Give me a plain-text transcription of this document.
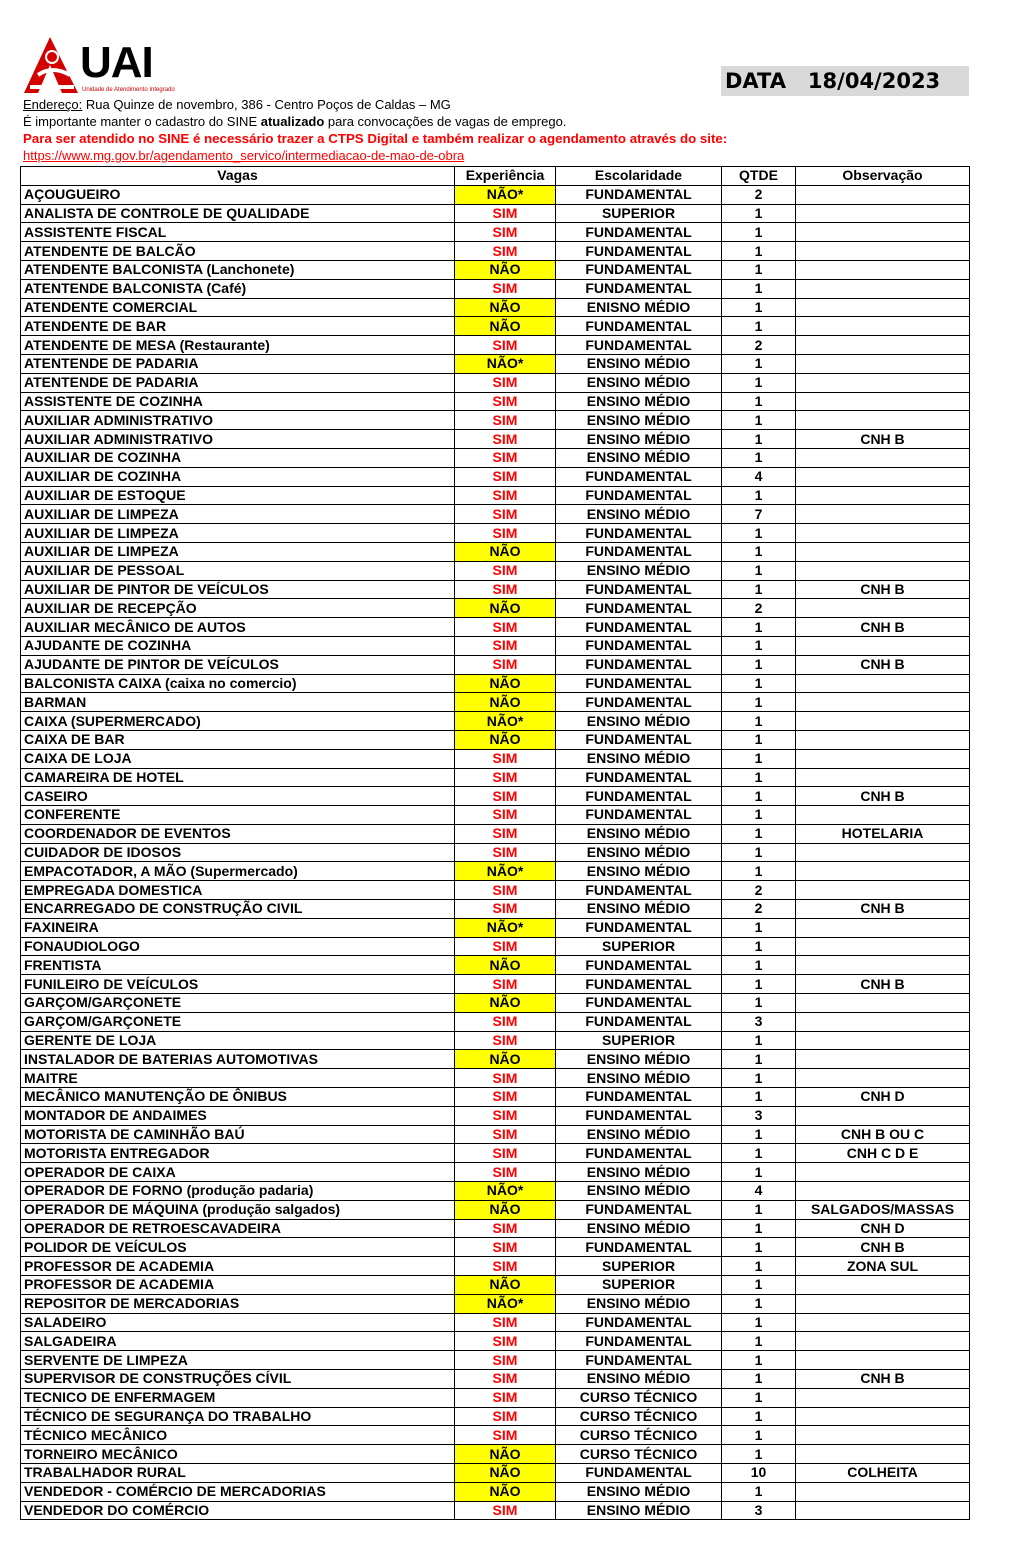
UAI
Unidade de Atendimento Integrado	DATA   18/04/2023
Endereço: Rua Quinze de novembro, 386 - Centro Poços de Caldas – MG
É importante manter o cadastro do SINE atualizado para convocações de vagas de emprego.
Para ser atendido no SINE é necessário trazer a CTPS Digital e também realizar o agendamento através do site:
https://www.mg.gov.br/agendamento_servico/intermediacao-de-mao-de-obra
Vagas	Experiência	Escolaridade	QTDE	Observação
AÇOUGUEIRO	NÃO*	FUNDAMENTAL	2	
ANALISTA DE CONTROLE DE QUALIDADE	SIM	SUPERIOR	1	
ASSISTENTE FISCAL	SIM	FUNDAMENTAL	1	
ATENDENTE DE BALCÃO	SIM	FUNDAMENTAL	1	
ATENDENTE BALCONISTA (Lanchonete)	NÃO	FUNDAMENTAL	1	
ATENTENDE BALCONISTA (Café)	SIM	FUNDAMENTAL	1	
ATENDENTE COMERCIAL	NÃO	ENISNO MÉDIO	1	
ATENDENTE DE BAR	NÃO	FUNDAMENTAL	1	
ATENDENTE DE MESA (Restaurante)	SIM	FUNDAMENTAL	2	
ATENTENDE DE PADARIA	NÃO*	ENSINO MÉDIO	1	
ATENTENDE DE PADARIA	SIM	ENSINO MÉDIO	1	
ASSISTENTE DE COZINHA	SIM	ENSINO MÉDIO	1	
AUXILIAR ADMINISTRATIVO	SIM	ENSINO MÉDIO	1	
AUXILIAR ADMINISTRATIVO	SIM	ENSINO MÉDIO	1	CNH B
AUXILIAR DE COZINHA	SIM	ENSINO MÉDIO	1	
AUXILIAR DE COZINHA	SIM	FUNDAMENTAL	4	
AUXILIAR DE ESTOQUE	SIM	FUNDAMENTAL	1	
AUXILIAR DE LIMPEZA	SIM	ENSINO MÉDIO	7	
AUXILIAR DE LIMPEZA	SIM	FUNDAMENTAL	1	
AUXILIAR DE LIMPEZA	NÃO	FUNDAMENTAL	1	
AUXILIAR DE PESSOAL	SIM	ENSINO MÉDIO	1	
AUXILIAR DE PINTOR DE VEÍCULOS	SIM	FUNDAMENTAL	1	CNH B
AUXILIAR DE RECEPÇÃO	NÃO	FUNDAMENTAL	2	
AUXILIAR MECÂNICO DE AUTOS	SIM	FUNDAMENTAL	1	CNH B
AJUDANTE DE COZINHA	SIM	FUNDAMENTAL	1	
AJUDANTE DE PINTOR DE VEÍCULOS	SIM	FUNDAMENTAL	1	CNH B
BALCONISTA CAIXA (caixa no comercio)	NÃO	FUNDAMENTAL	1	
BARMAN	NÃO	FUNDAMENTAL	1	
CAIXA (SUPERMERCADO)	NÃO*	ENSINO MÉDIO	1	
CAIXA DE BAR	NÃO	FUNDAMENTAL	1	
CAIXA DE LOJA	SIM	ENSINO MÉDIO	1	
CAMAREIRA DE HOTEL	SIM	FUNDAMENTAL	1	
CASEIRO	SIM	FUNDAMENTAL	1	CNH B
CONFERENTE	SIM	FUNDAMENTAL	1	
COORDENADOR DE EVENTOS	SIM	ENSINO MÉDIO	1	HOTELARIA
CUIDADOR DE IDOSOS	SIM	ENSINO MÉDIO	1	
EMPACOTADOR, A MÃO (Supermercado)	NÃO*	ENSINO MÉDIO	1	
EMPREGADA DOMESTICA	SIM	FUNDAMENTAL	2	
ENCARREGADO DE CONSTRUÇÃO CIVIL	SIM	ENSINO MÉDIO	2	CNH B
FAXINEIRA	NÃO*	FUNDAMENTAL	1	
FONAUDIOLOGO	SIM	SUPERIOR	1	
FRENTISTA	NÃO	FUNDAMENTAL	1	
FUNILEIRO DE VEÍCULOS	SIM	FUNDAMENTAL	1	CNH B
GARÇOM/GARÇONETE	NÃO	FUNDAMENTAL	1	
GARÇOM/GARÇONETE	SIM	FUNDAMENTAL	3	
GERENTE DE LOJA	SIM	SUPERIOR	1	
INSTALADOR DE BATERIAS AUTOMOTIVAS	NÃO	ENSINO MÉDIO	1	
MAITRE	SIM	ENSINO MÉDIO	1	
MECÂNICO MANUTENÇÃO DE ÔNIBUS	SIM	FUNDAMENTAL	1	CNH D
MONTADOR DE ANDAIMES	SIM	FUNDAMENTAL	3	
MOTORISTA DE CAMINHÃO BAÚ	SIM	ENSINO MÉDIO	1	CNH B OU C
MOTORISTA ENTREGADOR	SIM	FUNDAMENTAL	1	CNH C D E
OPERADOR DE CAIXA	SIM	ENSINO MÉDIO	1	
OPERADOR DE FORNO (produção padaria)	NÃO*	ENSINO MÉDIO	4	
OPERADOR DE MÁQUINA (produção salgados)	NÃO	FUNDAMENTAL	1	SALGADOS/MASSAS
OPERADOR DE RETROESCAVADEIRA	SIM	ENSINO MÉDIO	1	CNH D
POLIDOR DE VEÍCULOS	SIM	FUNDAMENTAL	1	CNH B
PROFESSOR DE ACADEMIA	SIM	SUPERIOR	1	ZONA SUL
PROFESSOR DE ACADEMIA	NÃO	SUPERIOR	1	
REPOSITOR DE MERCADORIAS	NÃO*	ENSINO MÉDIO	1	
SALADEIRO	SIM	FUNDAMENTAL	1	
SALGADEIRA	SIM	FUNDAMENTAL	1	
SERVENTE DE LIMPEZA	SIM	FUNDAMENTAL	1	
SUPERVISOR DE CONSTRUÇÕES CÍVIL	SIM	ENSINO MÉDIO	1	CNH B
TECNICO DE ENFERMAGEM	SIM	CURSO TÉCNICO	1	
TÉCNICO DE SEGURANÇA DO TRABALHO	SIM	CURSO TÉCNICO	1	
TÉCNICO MECÂNICO	SIM	CURSO TÉCNICO	1	
TORNEIRO MECÂNICO	NÃO	CURSO TÉCNICO	1	
TRABALHADOR RURAL	NÃO	FUNDAMENTAL	10	COLHEITA
VENDEDOR - COMÉRCIO DE MERCADORIAS	NÃO	ENSINO MÉDIO	1	
VENDEDOR DO COMÉRCIO	SIM	ENSINO MÉDIO	3	
